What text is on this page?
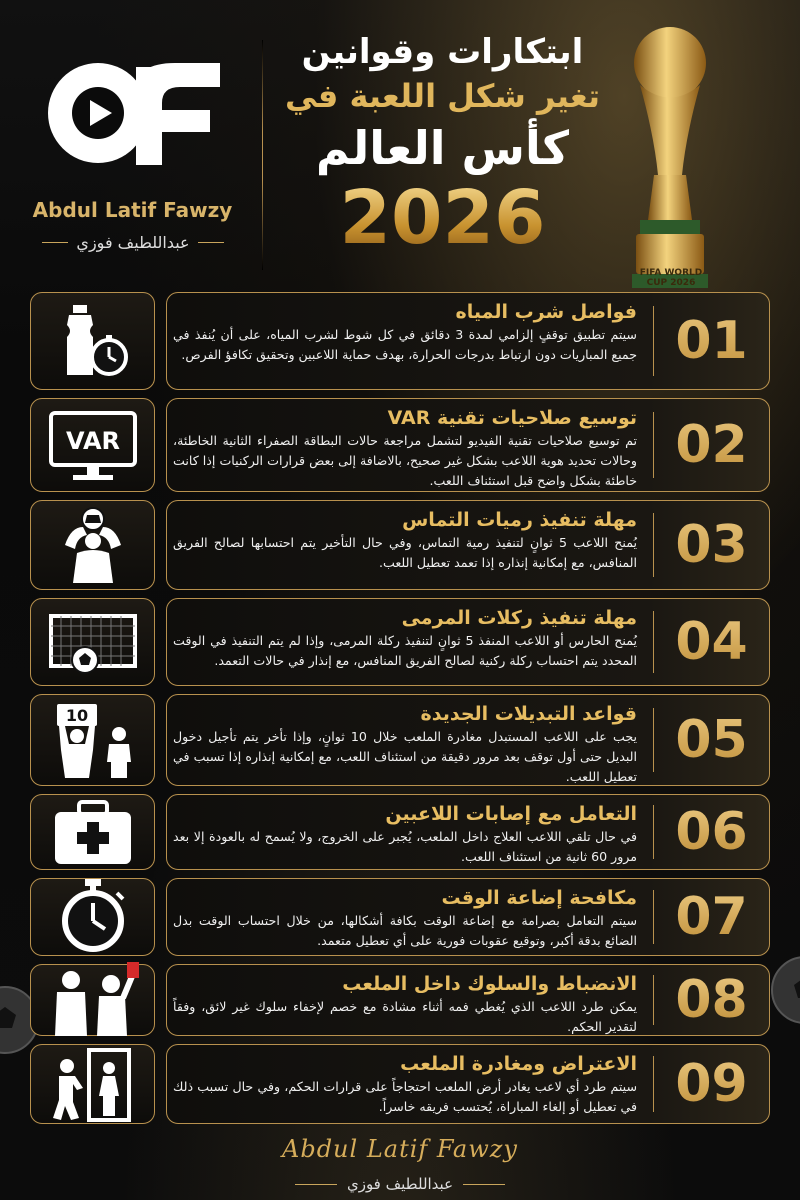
Abdul Latif Fawzy
عبداللطيف فوزي
ابتكارات وقوانين
تغير شكل اللعبة في
كأس العالم
2026
FIFA WORLD
CUP 2026
فواصل شرب المياه
سيتم تطبيق توقفٍ إلزامي لمدة 3 دقائق في كل شوط لشرب المياه، على أن يُنفذ في جميع المباريات دون ارتباط بدرجات الحرارة، بهدف حماية اللاعبين وتحقيق تكافؤ الفرص. 01
VAR
توسيع صلاحيات تقنية VAR
تم توسيع صلاحيات تقنية الفيديو لتشمل مراجعة حالات البطاقة الصفراء الثانية الخاطئة، وحالات تحديد هوية اللاعب بشكل غير صحيح، بالاضافة إلى بعض قرارات الركنيات إذا كانت خاطئة بشكل واضح قبل استئناف اللعب.
02
مهلة تنفيذ رميات التماس
يُمنح اللاعب 5 ثوانٍ لتنفيذ رمية التماس، وفي حال التأخير يتم احتسابها لصالح الفريق المنافس، مع إمكانية إنذاره إذا تعمد تعطيل اللعب. 03
مهلة تنفيذ ركلات المرمى
يُمنح الحارس أو اللاعب المنفذ 5 ثوانٍ لتنفيذ ركلة المرمى، وإذا لم يتم التنفيذ في الوقت المحدد يتم احتساب ركلة ركنية لصالح الفريق المنافس، مع إنذار في حالات التعمد. 04
10	قواعد التبديلات الجديدة
يجب على اللاعب المستبدل مغادرة الملعب خلال 10 ثوانٍ، وإذا تأخر يتم تأجيل دخول البديل حتى أول توقف بعد مرور دقيقة من استئناف اللعب، مع إمكانية إنذاره إذا تسبب في تعطيل اللعب.
05
التعامل مع إصابات اللاعبين
في حال تلقي اللاعب العلاج داخل الملعب، يُجبر على الخروج، ولا يُسمح له بالعودة إلا بعد مرور 60 ثانية من استئناف اللعب. 06
مكافحة إضاعة الوقت
سيتم التعامل بصرامة مع إضاعة الوقت بكافة أشكالها، من خلال احتساب الوقت بدل الضائع بدقة أكبر، وتوقيع عقوبات فورية على أي تعطيل متعمد. 07
الانضباط والسلوك داخل الملعب
يمكن طرد اللاعب الذي يُغطي فمه أثناء مشادة مع خصم لإخفاء سلوك غير لائق، وفقاً لتقدير الحكم. 08
الاعتراض ومغادرة الملعب
سيتم طرد أي لاعب يغادر أرض الملعب احتجاجاً على قرارات الحكم، وفي حال تسبب ذلك في تعطيل أو إلغاء المباراة، يُحتسب فريقه خاسراً. 09
Abdul Latif Fawzy
عبداللطيف فوزي
